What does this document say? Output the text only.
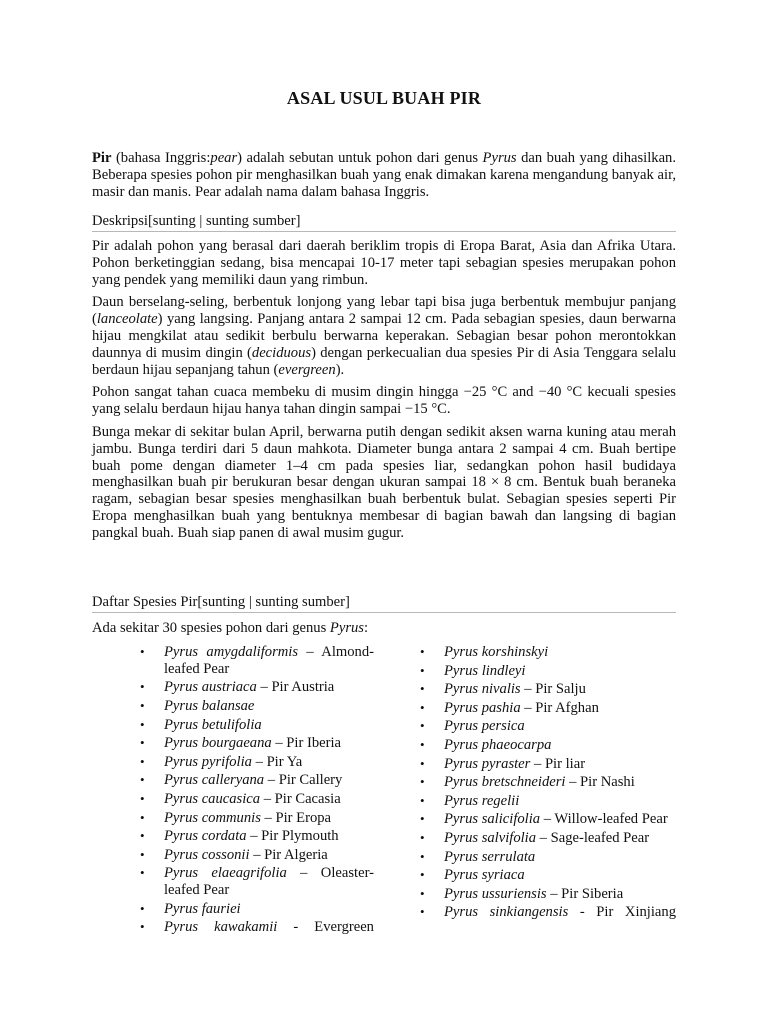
ASAL USUL BUAH PIR

Pir (bahasa Inggris:pear) adalah sebutan untuk pohon dari genus Pyrus dan buah yang dihasilkan. Beberapa spesies pohon pir menghasilkan buah yang enak dimakan karena mengandung banyak air, masir dan manis. Pear adalah nama dalam bahasa Inggris.

Deskripsi[sunting | sunting sumber]

Pir adalah pohon yang berasal dari daerah beriklim tropis di Eropa Barat, Asia dan Afrika Utara. Pohon berketinggian sedang, bisa mencapai 10-17 meter tapi sebagian spesies merupakan pohon yang pendek yang memiliki daun yang rimbun.

Daun berselang-seling, berbentuk lonjong yang lebar tapi bisa juga berbentuk membujur panjang (lanceolate) yang langsing. Panjang antara 2 sampai 12 cm. Pada sebagian spesies, daun berwarna hijau mengkilat atau sedikit berbulu berwarna keperakan. Sebagian besar pohon merontokkan daunnya di musim dingin (deciduous) dengan perkecualian dua spesies Pir di Asia Tenggara selalu berdaun hijau sepanjang tahun (evergreen).

Pohon sangat tahan cuaca membeku di musim dingin hingga −25 °C and −40 °C kecuali spesies yang selalu berdaun hijau hanya tahan dingin sampai −15 °C.

Bunga mekar di sekitar bulan April, berwarna putih dengan sedikit aksen warna kuning atau merah jambu. Bunga terdiri dari 5 daun mahkota. Diameter bunga antara 2 sampai 4 cm. Buah bertipe buah pome dengan diameter 1–4 cm pada spesies liar, sedangkan pohon hasil budidaya menghasilkan buah pir berukuran besar dengan ukuran sampai 18 × 8 cm. Bentuk buah beraneka ragam, sebagian besar spesies menghasilkan buah berbentuk bulat. Sebagian spesies seperti Pir Eropa menghasilkan buah yang bentuknya membesar di bagian bawah dan langsing di bagian pangkal buah. Buah siap panen di awal musim gugur.

Daftar Spesies Pir[sunting | sunting sumber]

Ada sekitar 30 spesies pohon dari genus Pyrus:

• Pyrus amygdaliformis – Almond-leafed Pear
• Pyrus austriaca – Pir Austria
• Pyrus balansae
• Pyrus betulifolia
• Pyrus bourgaeana – Pir Iberia
• Pyrus pyrifolia – Pir Ya
• Pyrus calleryana – Pir Callery
• Pyrus caucasica – Pir Cacasia
• Pyrus communis – Pir Eropa
• Pyrus cordata – Pir Plymouth
• Pyrus cossonii – Pir Algeria
• Pyrus elaeagrifolia – Oleaster-leafed Pear
• Pyrus fauriei
• Pyrus kawakamii - Evergreen
• Pyrus korshinskyi
• Pyrus lindleyi
• Pyrus nivalis – Pir Salju
• Pyrus pashia – Pir Afghan
• Pyrus persica
• Pyrus phaeocarpa
• Pyrus pyraster – Pir liar
• Pyrus bretschneideri – Pir Nashi
• Pyrus regelii
• Pyrus salicifolia – Willow-leafed Pear
• Pyrus salvifolia – Sage-leafed Pear
• Pyrus serrulata
• Pyrus syriaca
• Pyrus ussuriensis – Pir Siberia
• Pyrus sinkiangensis - Pir Xinjiang
